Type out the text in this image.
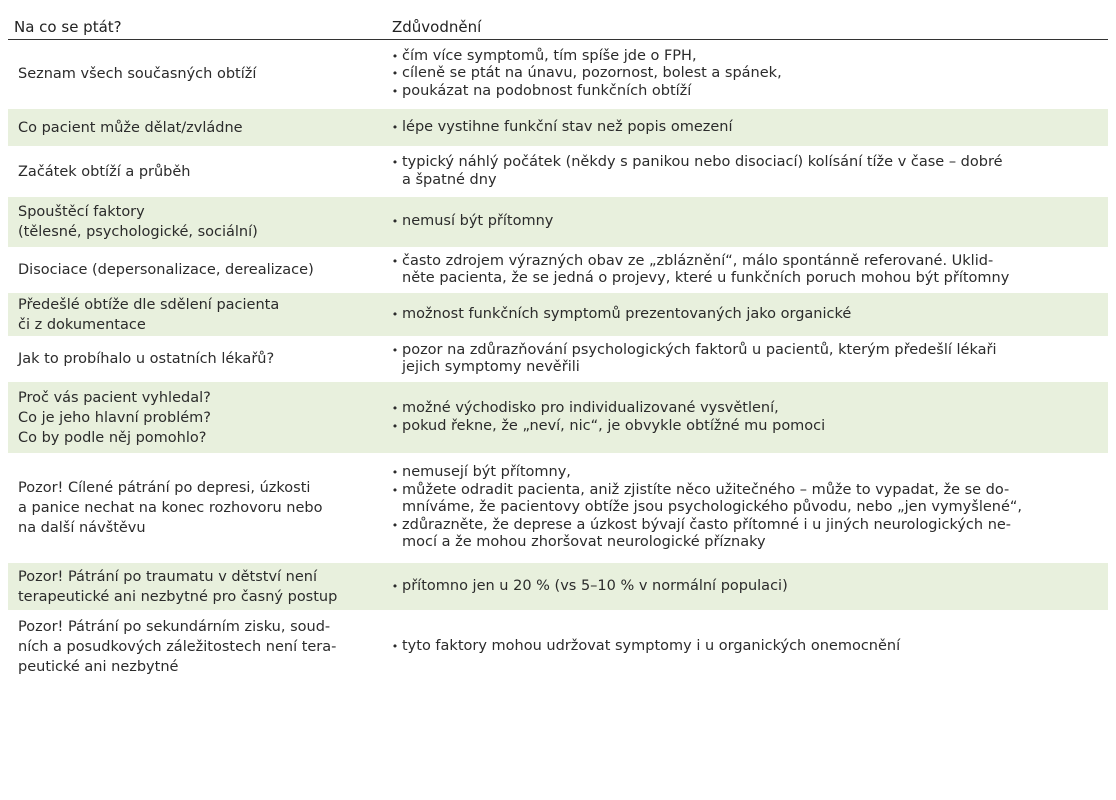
Na co se ptát?	Zdůvodnění
Seznam všech současných obtíží
• čím více symptomů, tím spíše jde o FPH,
• cíleně se ptát na únavu, pozornost, bolest a spánek,
• poukázat na podobnost funkčních obtíží
Co pacient může dělat/zvládne	• lépe vystihne funkční stav než popis omezení
Začátek obtíží a průběh
• typický náhlý počátek (někdy s panikou nebo disociací) kolísání tíže v čase – dobré
a špatné dny
Spouštěcí faktory
(tělesné, psychologické, sociální)
• nemusí být přítomny
Disociace (depersonalizace, derealizace)
• často zdrojem výrazných obav ze „zbláznění“, málo spontánně referované. Uklid-
něte pacienta, že se jedná o projevy, které u funkčních poruch mohou být přítomny
Předešlé obtíže dle sdělení pacienta
či z dokumentace
• možnost funkčních symptomů prezentovaných jako organické
Jak to probíhalo u ostatních lékařů?
• pozor na zdůrazňování psychologických faktorů u pacientů, kterým předešlí lékaři
jejich symptomy nevěřili
Proč vás pacient vyhledal?
Co je jeho hlavní problém?
Co by podle něj pomohlo?
• možné východisko pro individualizované vysvětlení,
• pokud řekne, že „neví, nic“, je obvykle obtížné mu pomoci
Pozor! Cílené pátrání po depresi, úzkosti
a panice nechat na konec rozhovoru nebo
na další návštěvu
• nemusejí být přítomny,
• můžete odradit pacienta, aniž zjistíte něco užitečného – může to vypadat, že se do-
mníváme, že pacientovy obtíže jsou psychologického původu, nebo „jen vymyšlené“,
• zdůrazněte, že deprese a úzkost bývají často přítomné i u jiných neurologických ne-
mocí a že mohou zhoršovat neurologické příznaky
Pozor! Pátrání po traumatu v dětství není
terapeutické ani nezbytné pro časný postup
• přítomno jen u 20 % (vs 5–10 % v normální populaci)
Pozor! Pátrání po sekundárním zisku, soud-
ních a posudkových záležitostech není tera-
peutické ani nezbytné
• tyto faktory mohou udržovat symptomy i u organických onemocnění
